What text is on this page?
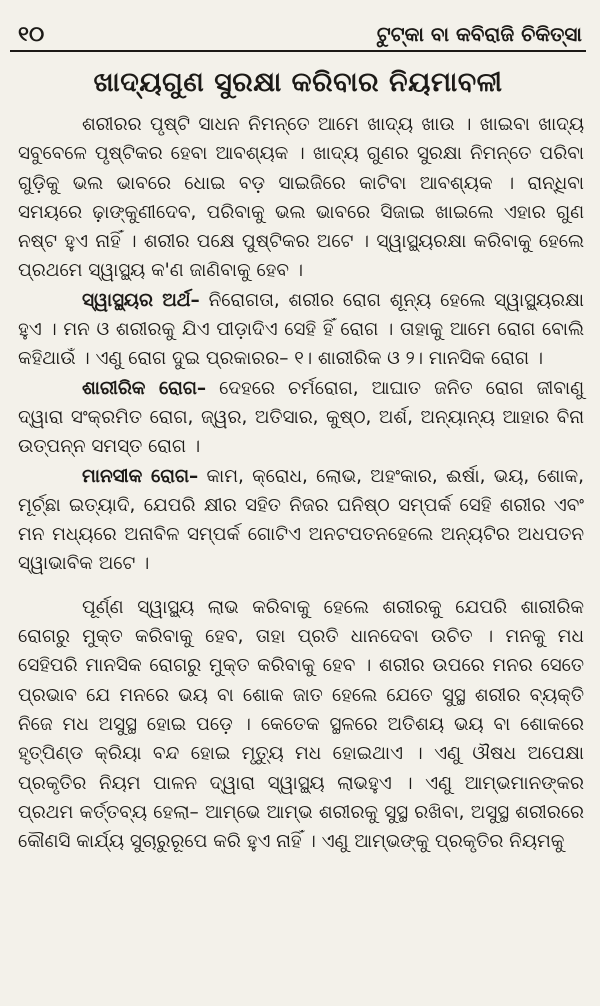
୧୦	ଟୁଟ୍‌କା ବା କବିରାଜି ଚିକିତ୍ସା
ଖାଦ୍ୟଗୁଣ ସୁରକ୍ଷା କରିବାର ନିୟମାବଳୀ

ଶରୀରର ପୃଷ୍ଟି ସାଧନ ନିମନ୍ତେ ଆମେ ଖାଦ୍ୟ ଖାଉ । ଖାଇବା ଖାଦ୍ୟ ସବୁବେଳେ ପୃଷ୍ଟିକର ହେବା ଆବଶ୍ୟକ । ଖାଦ୍ୟ ଗୁଣର ସୁରକ୍ଷା ନିମନ୍ତେ ପରିବା ଗୁଡ଼ିକୁ ଭଲ ଭାବରେ ଧୋଇ ବଡ଼ ସାଇଜିରେ କାଟିବା ଆବଶ୍ୟକ । ରାନ୍ଧିବା ସମୟରେ ଢ଼ାଙ୍କୁଣୀଦେବ, ପରିବାକୁ ଭଲ ଭାବରେ ସିଜାଇ ଖାଇଲେ ଏହାର ଗୁଣ ନଷ୍ଟ ହୁଏ ନାହିଁ । ଶରୀର ପକ୍ଷେ ପୁଷ୍ଟିକର ଅଟେ । ସ୍ୱାସ୍ଥ୍ୟରକ୍ଷା କରିବାକୁ ହେଲେ ପ୍ରଥମେ ସ୍ୱାସ୍ଥ୍ୟ କ'ଣ ଜାଣିବାକୁ ହେବ ।

ସ୍ୱାସ୍ଥ୍ୟର ଅର୍ଥ– ନିରୋଗତା, ଶରୀର ରୋଗ ଶୂନ୍ୟ ହେଲେ ସ୍ୱାସ୍ଥ୍ୟରକ୍ଷା ହୁଏ । ମନ ଓ ଶରୀରକୁ ଯିଏ ପୀଡ଼ାଦିଏ ସେହି ହିଁ ରୋଗ । ତାହାକୁ ଆମେ ରୋଗ ବୋଲି କହିଥାଉଁ । ଏଣୁ ରୋଗ ଦୁଇ ପ୍ରକାରର– ୧। ଶାରୀରିକ ଓ ୨। ମାନସିକ ରୋଗ ।

ଶାରୀରିକ ରୋଗ– ଦେହରେ ଚର୍ମରୋଗ, ଆଘାତ ଜନିତ ରୋଗ ଜୀବାଣୁ ଦ୍ୱାରା ସଂକ୍ରମିତ ରୋଗ, ଜ୍ୱର, ଅତିସାର, କୁଷ୍ଠ, ଅର୍ଶ, ଅନ୍ୟାନ୍ୟ ଆହାର ବିନା ଉତ୍ପନ୍ନ ସମସ୍ତ ରୋଗ ।

ମାନସୀକ ରୋଗ– କାମ, କ୍ରୋଧ, ଲୋଭ, ଅହଂକାର, ଈର୍ଷା, ଭୟ, ଶୋକ, ମୂର୍ଚ୍ଛା ଇତ୍ୟାଦି, ଯେପରି କ୍ଷୀର ସହିତ ନିଜର ଘନିଷ୍ଠ ସମ୍ପର୍କ ସେହି ଶରୀର ଏବଂ ମନ ମଧ୍ୟରେ ଅନାବିଳ ସମ୍ପର୍କ ଗୋଟିଏ ଅନଟପତନହେଲେ ଅନ୍ୟଟିର ଅଧପତନ ସ୍ୱାଭାବିକ ଅଟେ ।

ପୂର୍ଣ୍ଣ ସ୍ୱାସ୍ଥ୍ୟ ଲାଭ କରିବାକୁ ହେଲେ ଶରୀରକୁ ଯେପରି ଶାରୀରିକ ରୋଗରୁ ମୁକ୍ତ କରିବାକୁ ହେବ, ତାହା ପ୍ରତି ଧାନଦେବା ଉଚିତ । ମନକୁ ମଧ ସେହିପରି ମାନସିକ ରୋଗରୁ ମୁକ୍ତ କରିବାକୁ ହେବ । ଶରୀର ଉପରେ ମନର ସେତେ ପ୍ରଭାବ ଯେ ମନରେ ଭୟ ବା ଶୋକ ଜାତ ହେଲେ ଯେତେ ସୁସ୍ଥ ଶରୀର ବ୍ୟକ୍ତି ନିଜେ ମଧ ଅସୁସ୍ଥ ହୋଇ ପଡ଼େ । କେତେକ ସ୍ଥଳରେ ଅତିଶୟ ଭୟ ବା ଶୋକରେ ହୃତ୍‌ପିଣ୍ଡ କ୍ରିୟା ବନ୍ଦ ହୋଇ ମୃତ୍ୟୁ ମଧ ହୋଇଥାଏ । ଏଣୁ ଔଷଧ ଅପେକ୍ଷା ପ୍ରକୃତିର ନିୟମ ପାଳନ ଦ୍ୱାରା ସ୍ୱାସ୍ଥ୍ୟ ଲାଭହୁଏ । ଏଣୁ ଆମ୍ଭମାନଙ୍କର ପ୍ରଥମ କର୍ତ୍ତବ୍ୟ ହେଲା– ଆମ୍ଭେ ଆମ୍ଭ ଶରୀରକୁ ସୁସ୍ଥ ରଖିବା, ଅସୁସ୍ଥ ଶରୀରରେ କୌଣସି କାର୍ଯ୍ୟ ସୁଚାରୁରୂପେ କରି ହୁଏ ନାହିଁ । ଏଣୁ ଆମ୍ଭଙ୍କୁ ପ୍ରକୃତିର ନିୟମକୁ
